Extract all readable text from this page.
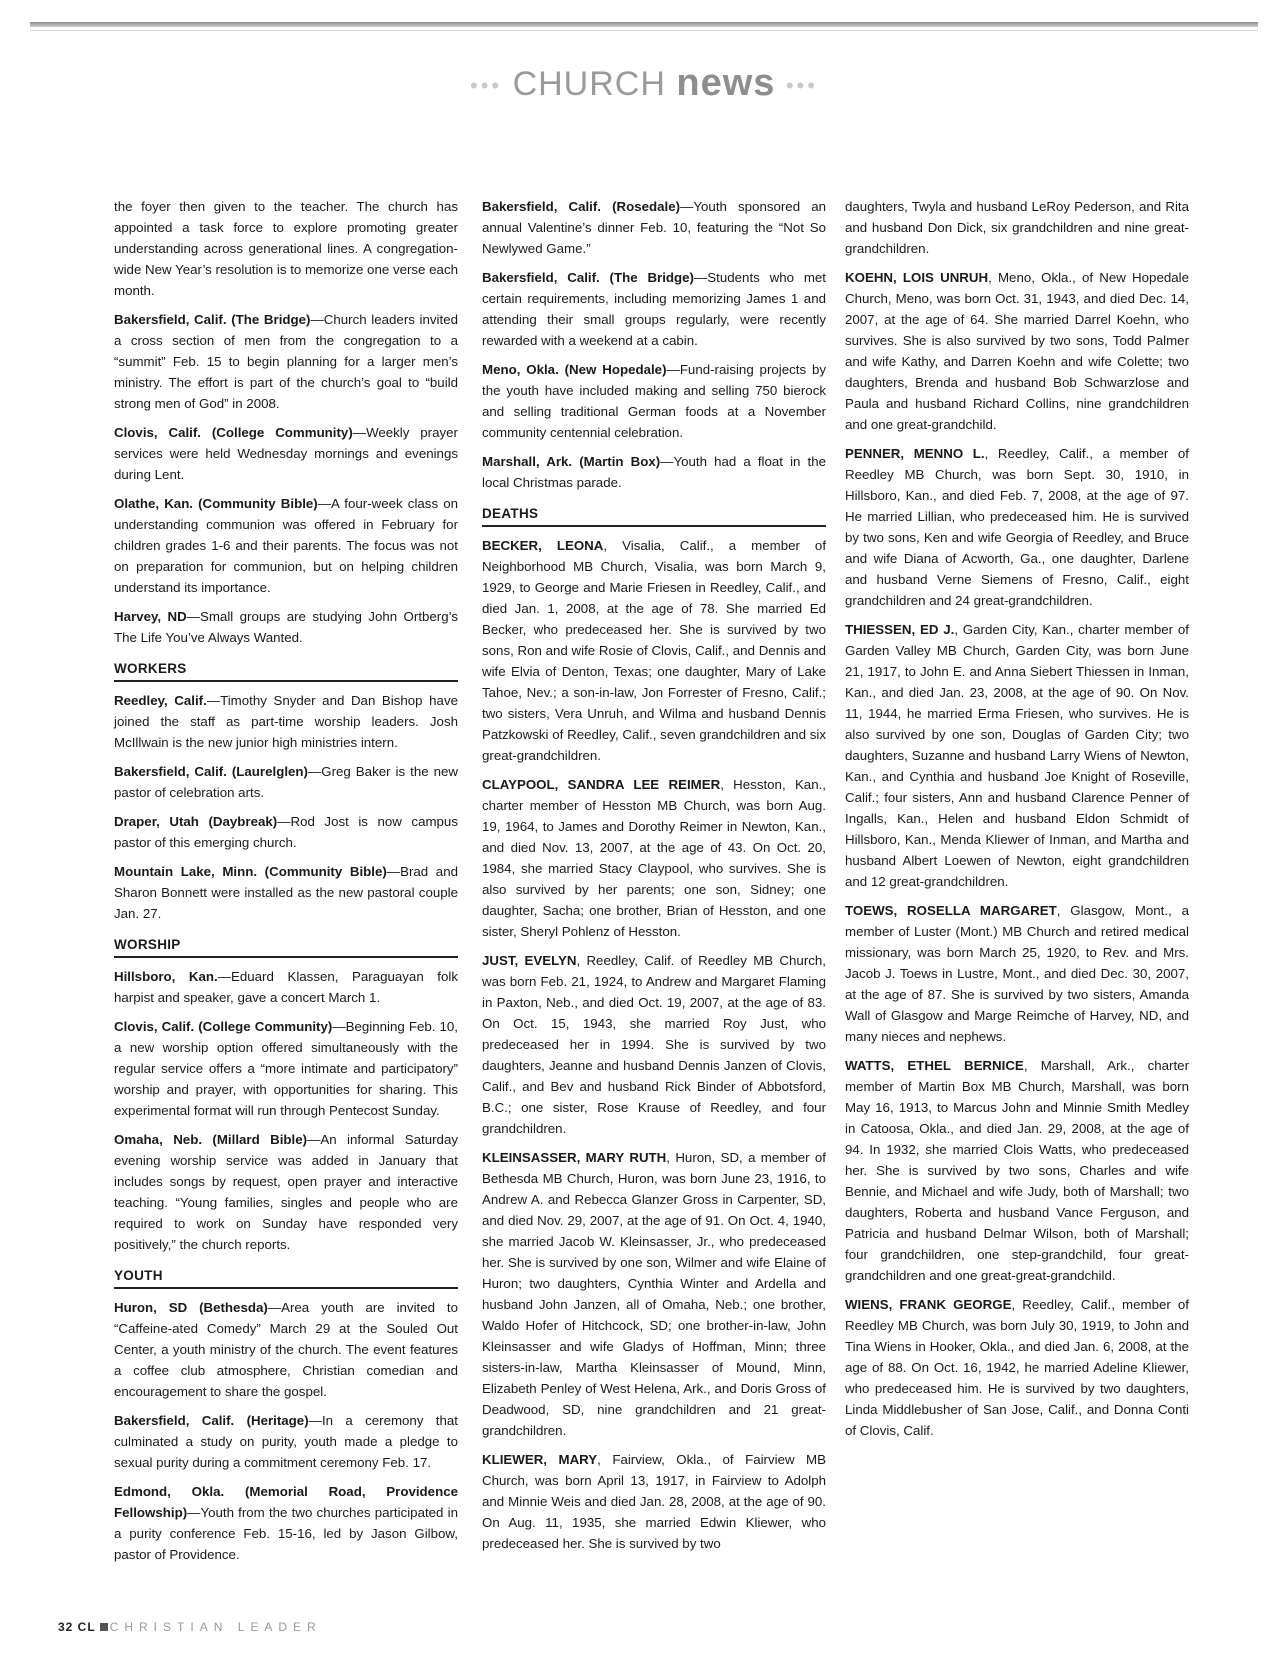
••• CHURCH news •••

the foyer then given to the teacher. The church has appointed a task force to explore promoting greater understanding across generational lines. A congregation-wide New Year’s resolution is to memorize one verse each month.

Bakersfield, Calif. (The Bridge)—Church leaders invited a cross section of men from the congregation to a “summit” Feb. 15 to begin planning for a larger men’s ministry. The effort is part of the church’s goal to “build strong men of God” in 2008.

Clovis, Calif. (College Community)—Weekly prayer services were held Wednesday mornings and evenings during Lent.

Olathe, Kan. (Community Bible)—A four-week class on understanding communion was offered in February for children grades 1-6 and their parents. The focus was not on preparation for communion, but on helping children understand its importance.

Harvey, ND—Small groups are studying John Ortberg’s The Life You’ve Always Wanted.

WORKERS

Reedley, Calif.—Timothy Snyder and Dan Bishop have joined the staff as part-time worship leaders. Josh McIllwain is the new junior high ministries intern.

Bakersfield, Calif. (Laurelglen)—Greg Baker is the new pastor of celebration arts.

Draper, Utah (Daybreak)—Rod Jost is now campus pastor of this emerging church.

Mountain Lake, Minn. (Community Bible)—Brad and Sharon Bonnett were installed as the new pastoral couple Jan. 27.

WORSHIP

Hillsboro, Kan.—Eduard Klassen, Paraguayan folk harpist and speaker, gave a concert March 1.

Clovis, Calif. (College Community)—Beginning Feb. 10, a new worship option offered simultaneously with the regular service offers a “more intimate and participatory” worship and prayer, with opportunities for sharing. This experimental format will run through Pentecost Sunday.

Omaha, Neb. (Millard Bible)—An informal Saturday evening worship service was added in January that includes songs by request, open prayer and interactive teaching. “Young families, singles and people who are required to work on Sunday have responded very positively,” the church reports.

YOUTH

Huron, SD (Bethesda)—Area youth are invited to “Caffeine-ated Comedy” March 29 at the Souled Out Center, a youth ministry of the church. The event features a coffee club atmosphere, Christian comedian and encouragement to share the gospel.

Bakersfield, Calif. (Heritage)—In a ceremony that culminated a study on purity, youth made a pledge to sexual purity during a commitment ceremony Feb. 17.

Edmond, Okla. (Memorial Road, Providence Fellowship)—Youth from the two churches participated in a purity conference Feb. 15-16, led by Jason Gilbow, pastor of Providence.

Bakersfield, Calif. (Rosedale)—Youth sponsored an annual Valentine’s dinner Feb. 10, featuring the “Not So Newlywed Game.”

Bakersfield, Calif. (The Bridge)—Students who met certain requirements, including memorizing James 1 and attending their small groups regularly, were recently rewarded with a weekend at a cabin.

Meno, Okla. (New Hopedale)—Fund-raising projects by the youth have included making and selling 750 bierock and selling traditional German foods at a November community centennial celebration.

Marshall, Ark. (Martin Box)—Youth had a float in the local Christmas parade.

DEATHS

BECKER, LEONA, Visalia, Calif., a member of Neighborhood MB Church, Visalia, was born March 9, 1929, to George and Marie Friesen in Reedley, Calif., and died Jan. 1, 2008, at the age of 78. She married Ed Becker, who predeceased her. She is survived by two sons, Ron and wife Rosie of Clovis, Calif., and Dennis and wife Elvia of Denton, Texas; one daughter, Mary of Lake Tahoe, Nev.; a son-in-law, Jon Forrester of Fresno, Calif.; two sisters, Vera Unruh, and Wilma and husband Dennis Patzkowski of Reedley, Calif., seven grandchildren and six great-grandchildren.

CLAYPOOL, SANDRA LEE REIMER, Hesston, Kan., charter member of Hesston MB Church, was born Aug. 19, 1964, to James and Dorothy Reimer in Newton, Kan., and died Nov. 13, 2007, at the age of 43. On Oct. 20, 1984, she married Stacy Claypool, who survives. She is also survived by her parents; one son, Sidney; one daughter, Sacha; one brother, Brian of Hesston, and one sister, Sheryl Pohlenz of Hesston.

JUST, EVELYN, Reedley, Calif. of Reedley MB Church, was born Feb. 21, 1924, to Andrew and Margaret Flaming in Paxton, Neb., and died Oct. 19, 2007, at the age of 83. On Oct. 15, 1943, she married Roy Just, who predeceased her in 1994. She is survived by two daughters, Jeanne and husband Dennis Janzen of Clovis, Calif., and Bev and husband Rick Binder of Abbotsford, B.C.; one sister, Rose Krause of Reedley, and four grandchildren.

KLEINSASSER, MARY RUTH, Huron, SD, a member of Bethesda MB Church, Huron, was born June 23, 1916, to Andrew A. and Rebecca Glanzer Gross in Carpenter, SD, and died Nov. 29, 2007, at the age of 91. On Oct. 4, 1940, she married Jacob W. Kleinsasser, Jr., who predeceased her. She is survived by one son, Wilmer and wife Elaine of Huron; two daughters, Cynthia Winter and Ardella and husband John Janzen, all of Omaha, Neb.; one brother, Waldo Hofer of Hitchcock, SD; one brother-in-law, John Kleinsasser and wife Gladys of Hoffman, Minn; three sisters-in-law, Martha Kleinsasser of Mound, Minn, Elizabeth Penley of West Helena, Ark., and Doris Gross of Deadwood, SD, nine grandchildren and 21 great-grandchildren.

KLIEWER, MARY, Fairview, Okla., of Fairview MB Church, was born April 13, 1917, in Fairview to Adolph and Minnie Weis and died Jan. 28, 2008, at the age of 90. On Aug. 11, 1935, she married Edwin Kliewer, who predeceased her. She is survived by two

daughters, Twyla and husband LeRoy Pederson, and Rita and husband Don Dick, six grandchildren and nine great-grandchildren.

KOEHN, LOIS UNRUH, Meno, Okla., of New Hopedale Church, Meno, was born Oct. 31, 1943, and died Dec. 14, 2007, at the age of 64. She married Darrel Koehn, who survives. She is also survived by two sons, Todd Palmer and wife Kathy, and Darren Koehn and wife Colette; two daughters, Brenda and husband Bob Schwarzlose and Paula and husband Richard Collins, nine grandchildren and one great-grandchild.

PENNER, MENNO L., Reedley, Calif., a member of Reedley MB Church, was born Sept. 30, 1910, in Hillsboro, Kan., and died Feb. 7, 2008, at the age of 97. He married Lillian, who predeceased him. He is survived by two sons, Ken and wife Georgia of Reedley, and Bruce and wife Diana of Acworth, Ga., one daughter, Darlene and husband Verne Siemens of Fresno, Calif., eight grandchildren and 24 great-grandchildren.

THIESSEN, ED J., Garden City, Kan., charter member of Garden Valley MB Church, Garden City, was born June 21, 1917, to John E. and Anna Siebert Thiessen in Inman, Kan., and died Jan. 23, 2008, at the age of 90. On Nov. 11, 1944, he married Erma Friesen, who survives. He is also survived by one son, Douglas of Garden City; two daughters, Suzanne and husband Larry Wiens of Newton, Kan., and Cynthia and husband Joe Knight of Roseville, Calif.; four sisters, Ann and husband Clarence Penner of Ingalls, Kan., Helen and husband Eldon Schmidt of Hillsboro, Kan., Menda Kliewer of Inman, and Martha and husband Albert Loewen of Newton, eight grandchildren and 12 great-grandchildren.

TOEWS, ROSELLA MARGARET, Glasgow, Mont., a member of Luster (Mont.) MB Church and retired medical missionary, was born March 25, 1920, to Rev. and Mrs. Jacob J. Toews in Lustre, Mont., and died Dec. 30, 2007, at the age of 87. She is survived by two sisters, Amanda Wall of Glasgow and Marge Reimche of Harvey, ND, and many nieces and nephews.

WATTS, ETHEL BERNICE, Marshall, Ark., charter member of Martin Box MB Church, Marshall, was born May 16, 1913, to Marcus John and Minnie Smith Medley in Catoosa, Okla., and died Jan. 29, 2008, at the age of 94. In 1932, she married Clois Watts, who predeceased her. She is survived by two sons, Charles and wife Bennie, and Michael and wife Judy, both of Marshall; two daughters, Roberta and husband Vance Ferguson, and Patricia and husband Delmar Wilson, both of Marshall; four grandchildren, one step-grandchild, four great-grandchildren and one great-great-grandchild.

WIENS, FRANK GEORGE, Reedley, Calif., member of Reedley MB Church, was born July 30, 1919, to John and Tina Wiens in Hooker, Okla., and died Jan. 6, 2008, at the age of 88. On Oct. 16, 1942, he married Adeline Kliewer, who predeceased him. He is survived by two daughters, Linda Middlebusher of San Jose, Calif., and Donna Conti of Clovis, Calif.

32 CL CHRISTIAN LEADER
